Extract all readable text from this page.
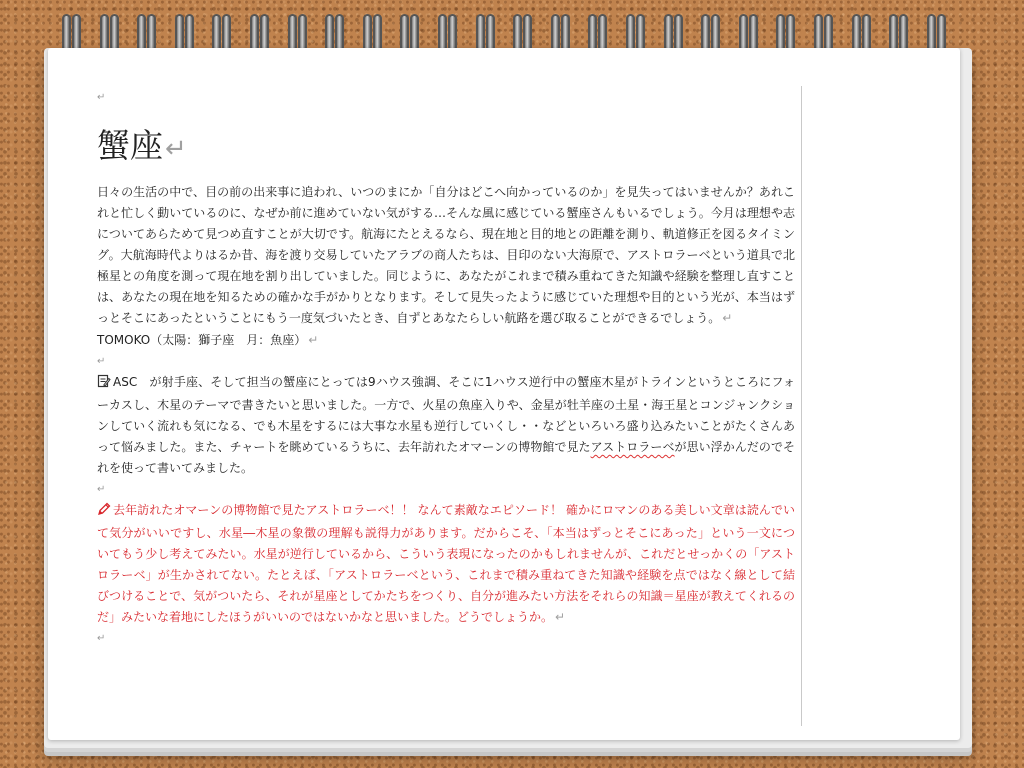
↵
蟹座↵

日々の生活の中で、目の前の出来事に追われ、いつのまにか「自分はどこへ向かっているのか」を見失ってはいませんか？あれこれと忙しく動いているのに、なぜか前に進めていない気がする…そんな風に感じている蟹座さんもいるでしょう。今月は理想や志についてあらためて見つめ直すことが大切です。航海にたとえるなら、現在地と目的地との距離を測り、軌道修正を図るタイミング。大航海時代よりはるか昔、海を渡り交易していたアラブの商人たちは、目印のない大海原で、アストロラーベという道具で北極星との角度を測って現在地を割り出していました。同じように、あなたがこれまで積み重ねてきた知識や経験を整理し直すことは、あなたの現在地を知るための確かな手がかりとなります。そして見失ったように感じていた理想や目的という光が、本当はずっとそこにあったということにもう一度気づいたとき、自ずとあなたらしい航路を選び取ることができるでしょう。 ↵

TOMOKO（太陽：獅子座　月：魚座） ↵

↵

ASC　が射手座、そして担当の蟹座にとっては9ハウス強調、そこに1ハウス逆行中の蟹座木星がトラインというところにフォーカスし、木星のテーマで書きたいと思いました。一方で、火星の魚座入りや、金星が牡羊座の土星・海王星とコンジャンクションしていく流れも気になる、でも木星をするには大事な水星も逆行していくし・・などといろいろ盛り込みたいことがたくさんあって悩みました。また、チャートを眺めているうちに、去年訪れたオマーンの博物館で見たアストロラーベが思い浮かんだのでそれを使って書いてみました。

↵

去年訪れたオマーンの博物館で見たアストロラーベ！！ なんて素敵なエピソード！ 確かにロマンのある美しい文章は読んでいて気分がいいですし、水星―木星の象徴の理解も説得力があります。だからこそ、「本当はずっとそこにあった」という一文についてもう少し考えてみたい。水星が逆行しているから、こういう表現になったのかもしれませんが、これだとせっかくの「アストロラーベ」が生かされてない。たとえば、「アストロラーベという、これまで積み重ねてきた知識や経験を点ではなく線として結びつけることで、気がついたら、それが星座としてかたちをつくり、自分が進みたい方法をそれらの知識＝星座が教えてくれるのだ」みたいな着地にしたほうがいいのではないかなと思いました。どうでしょうか。 ↵

↵
